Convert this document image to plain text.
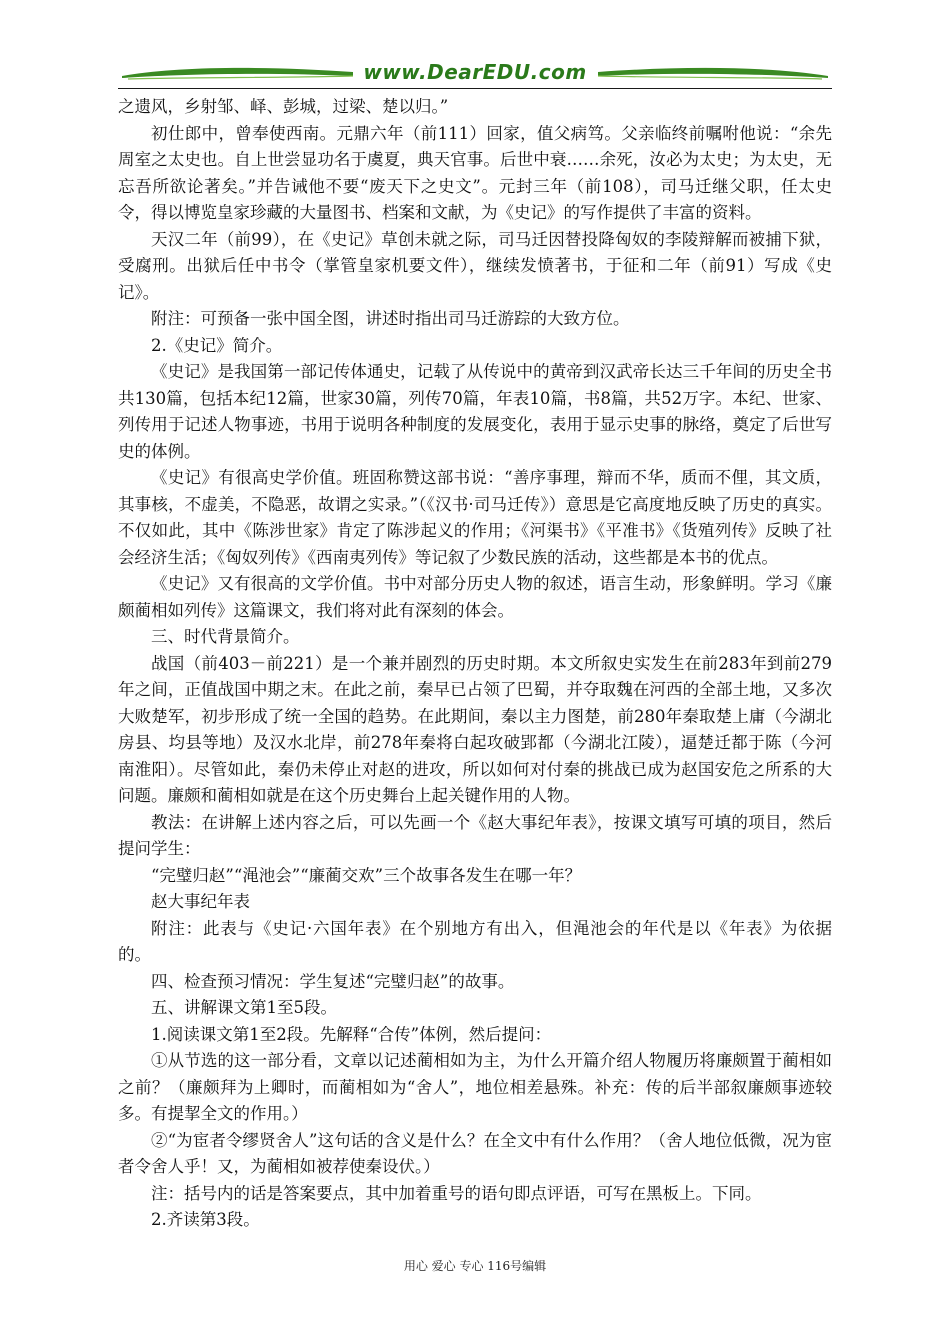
www.DearEDU.com

之遗风，乡射邹、峄、彭城，过梁、楚以归。”

初仕郎中，曾奉使西南。元鼎六年（前111）回家，值父病笃。父亲临终前嘱咐他说：“余先周室之太史也。自上世尝显功名于虞夏，典天官事。后世中衰……余死，汝必为太史；为太史，无忘吾所欲论著矣。”并告诫他不要“废天下之史文”。元封三年（前108），司马迁继父职，任太史令，得以博览皇家珍藏的大量图书、档案和文献，为《史记》的写作提供了丰富的资料。

天汉二年（前99），在《史记》草创未就之际，司马迁因替投降匈奴的李陵辩解而被捕下狱，受腐刑。出狱后任中书令（掌管皇家机要文件），继续发愤著书，于征和二年（前91）写成《史记》。

附注：可预备一张中国全图，讲述时指出司马迁游踪的大致方位。

2.《史记》简介。

《史记》是我国第一部记传体通史，记载了从传说中的黄帝到汉武帝长达三千年间的历史全书共130篇，包括本纪12篇，世家30篇，列传70篇，年表10篇，书8篇，共52万字。本纪、世家、列传用于记述人物事迹，书用于说明各种制度的发展变化，表用于显示史事的脉络，奠定了后世写史的体例。

《史记》有很高史学价值。班固称赞这部书说：“善序事理，辩而不华，质而不俚，其文质，其事核，不虚美，不隐恶，故谓之实录。”（《汉书·司马迁传》）意思是它高度地反映了历史的真实。不仅如此，其中《陈涉世家》肯定了陈涉起义的作用；《河渠书》《平准书》《货殖列传》反映了社会经济生活；《匈奴列传》《西南夷列传》等记叙了少数民族的活动，这些都是本书的优点。

《史记》又有很高的文学价值。书中对部分历史人物的叙述，语言生动，形象鲜明。学习《廉颇蔺相如列传》这篇课文，我们将对此有深刻的体会。

三、时代背景简介。

战国（前403－前221）是一个兼并剧烈的历史时期。本文所叙史实发生在前283年到前279年之间，正值战国中期之末。在此之前，秦早已占领了巴蜀，并夺取魏在河西的全部土地，又多次大败楚军，初步形成了统一全国的趋势。在此期间，秦以主力图楚，前280年秦取楚上庸（今湖北房县、均县等地）及汉水北岸，前278年秦将白起攻破郢都（今湖北江陵），逼楚迁都于陈（今河南淮阳）。尽管如此，秦仍未停止对赵的进攻，所以如何对付秦的挑战已成为赵国安危之所系的大问题。廉颇和蔺相如就是在这个历史舞台上起关键作用的人物。

教法：在讲解上述内容之后，可以先画一个《赵大事纪年表》，按课文填写可填的项目，然后提问学生：

“完璧归赵”“渑池会”“廉蔺交欢”三个故事各发生在哪一年？

赵大事纪年表

附注：此表与《史记·六国年表》在个别地方有出入，但渑池会的年代是以《年表》为依据的。

四、检查预习情况：学生复述“完璧归赵”的故事。

五、讲解课文第1至5段。

1.阅读课文第1至2段。先解释“合传”体例，然后提问：

①从节选的这一部分看，文章以记述蔺相如为主，为什么开篇介绍人物履历将廉颇置于蔺相如之前？（廉颇拜为上卿时，而蔺相如为“舍人”，地位相差悬殊。补充：传的后半部叙廉颇事迹较多。有提挈全文的作用。）

②“为宦者令缪贤舍人”这句话的含义是什么？在全文中有什么作用？（舍人地位低微，况为宦者令舍人乎！又，为蔺相如被荐使秦设伏。）

注：括号内的话是答案要点，其中加着重号的语句即点评语，可写在黑板上。下同。

2.齐读第3段。

用心 爱心 专心 116号编辑
